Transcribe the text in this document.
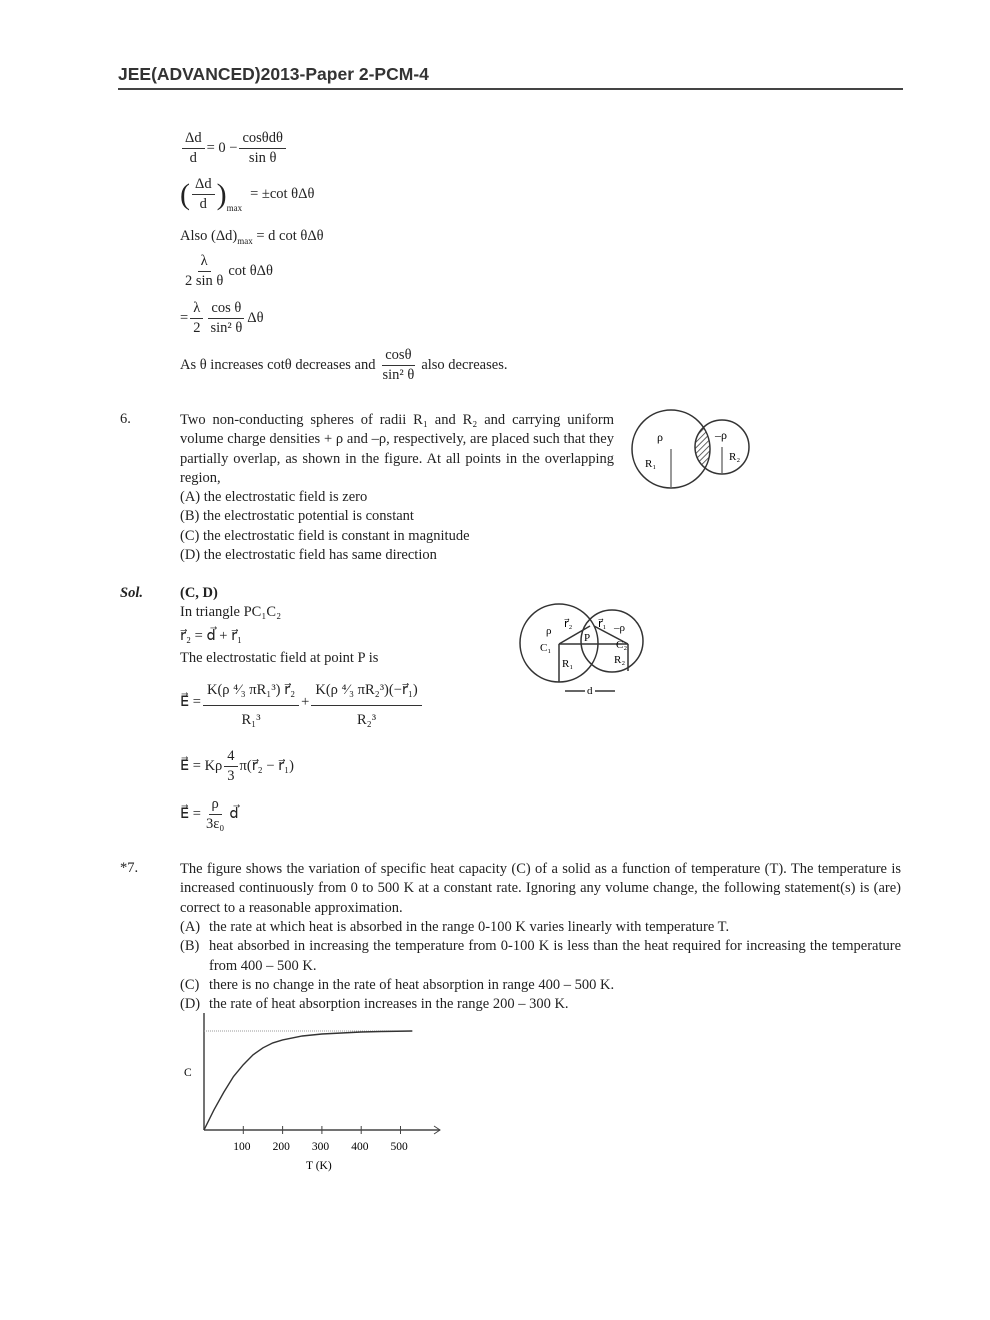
JEE(ADVANCED)2013-Paper 2-PCM-4
$\frac{\Delta d}{d} = 0 - \frac{\text{cosθdθ}}{\text{sin θ}}$
( $\frac{\Delta d}{d} )_{max}$
= ±cot θΔθ
Also $(\Delta d)_{max} = d$ cot θΔθ
$\frac{\lambda}{\text{2 sin θ}}$ cot θΔθ
= $\frac{\lambda}{2} \frac{\text{cos θ}}{\text{sin² θ}}$ Δθ
As θ increases cotθ decreases and $\frac{\cos\theta}{\text{sin² θ}}$ also decreases.
6.	Two non-conducting spheres of radii R₁ and R₂ and carrying uniform volume charge densities + ρ and –ρ, respectively, are placed such that they partially overlap, as shown in the figure. At all points in the overlapping region,
(A) the electrostatic field is zero
(B) the electrostatic potential is constant
(C) the electrostatic field is constant in magnitude
(D) the electrostatic field has same direction
ρ	–ρ
R₁
R₂
Sol.	(C, D)
In triangle PC₁C₂
r⃗₂ = d⃗ + r⃗₁
The electrostatic field at point P is
E⃗ = $\frac{\text{K(ρ ⁴⁄₃ πR₁³) r⃗₂}}{\text{R₁³}} + \frac{\text{K(ρ ⁴⁄₃ πR₂³)(−r⃗₁)}}{\text{R₂³}}$
E⃗ = Kρ $\frac{4}{3}$ π(r⃗₂ − r⃗₁)
E⃗ = $\frac{\rho}{\text{3ε₀}}$ d⃗
ρ	–ρ
r⃗₂ r⃗₁
P
C₁	C₂
R₁	R₂
d
*7.	The figure shows the variation of specific heat capacity (C) of a solid as a function of temperature (T). The temperature is increased continuously from 0 to 500 K at a constant rate. Ignoring any volume change, the following statement(s) is (are) correct to a reasonable approximation.
(A) the rate at which heat is absorbed in the range 0-100 K varies linearly with temperature T.
(B) heat absorbed in increasing the temperature from 0-100 K is less than the heat required for increasing the temperature from 400 – 500 K.
(C) there is no change in the rate of heat absorption in range 400 – 500 K.
(D) the rate of heat absorption increases in the range 200 – 300 K.
C
T (K)
100 200 300 400 500
